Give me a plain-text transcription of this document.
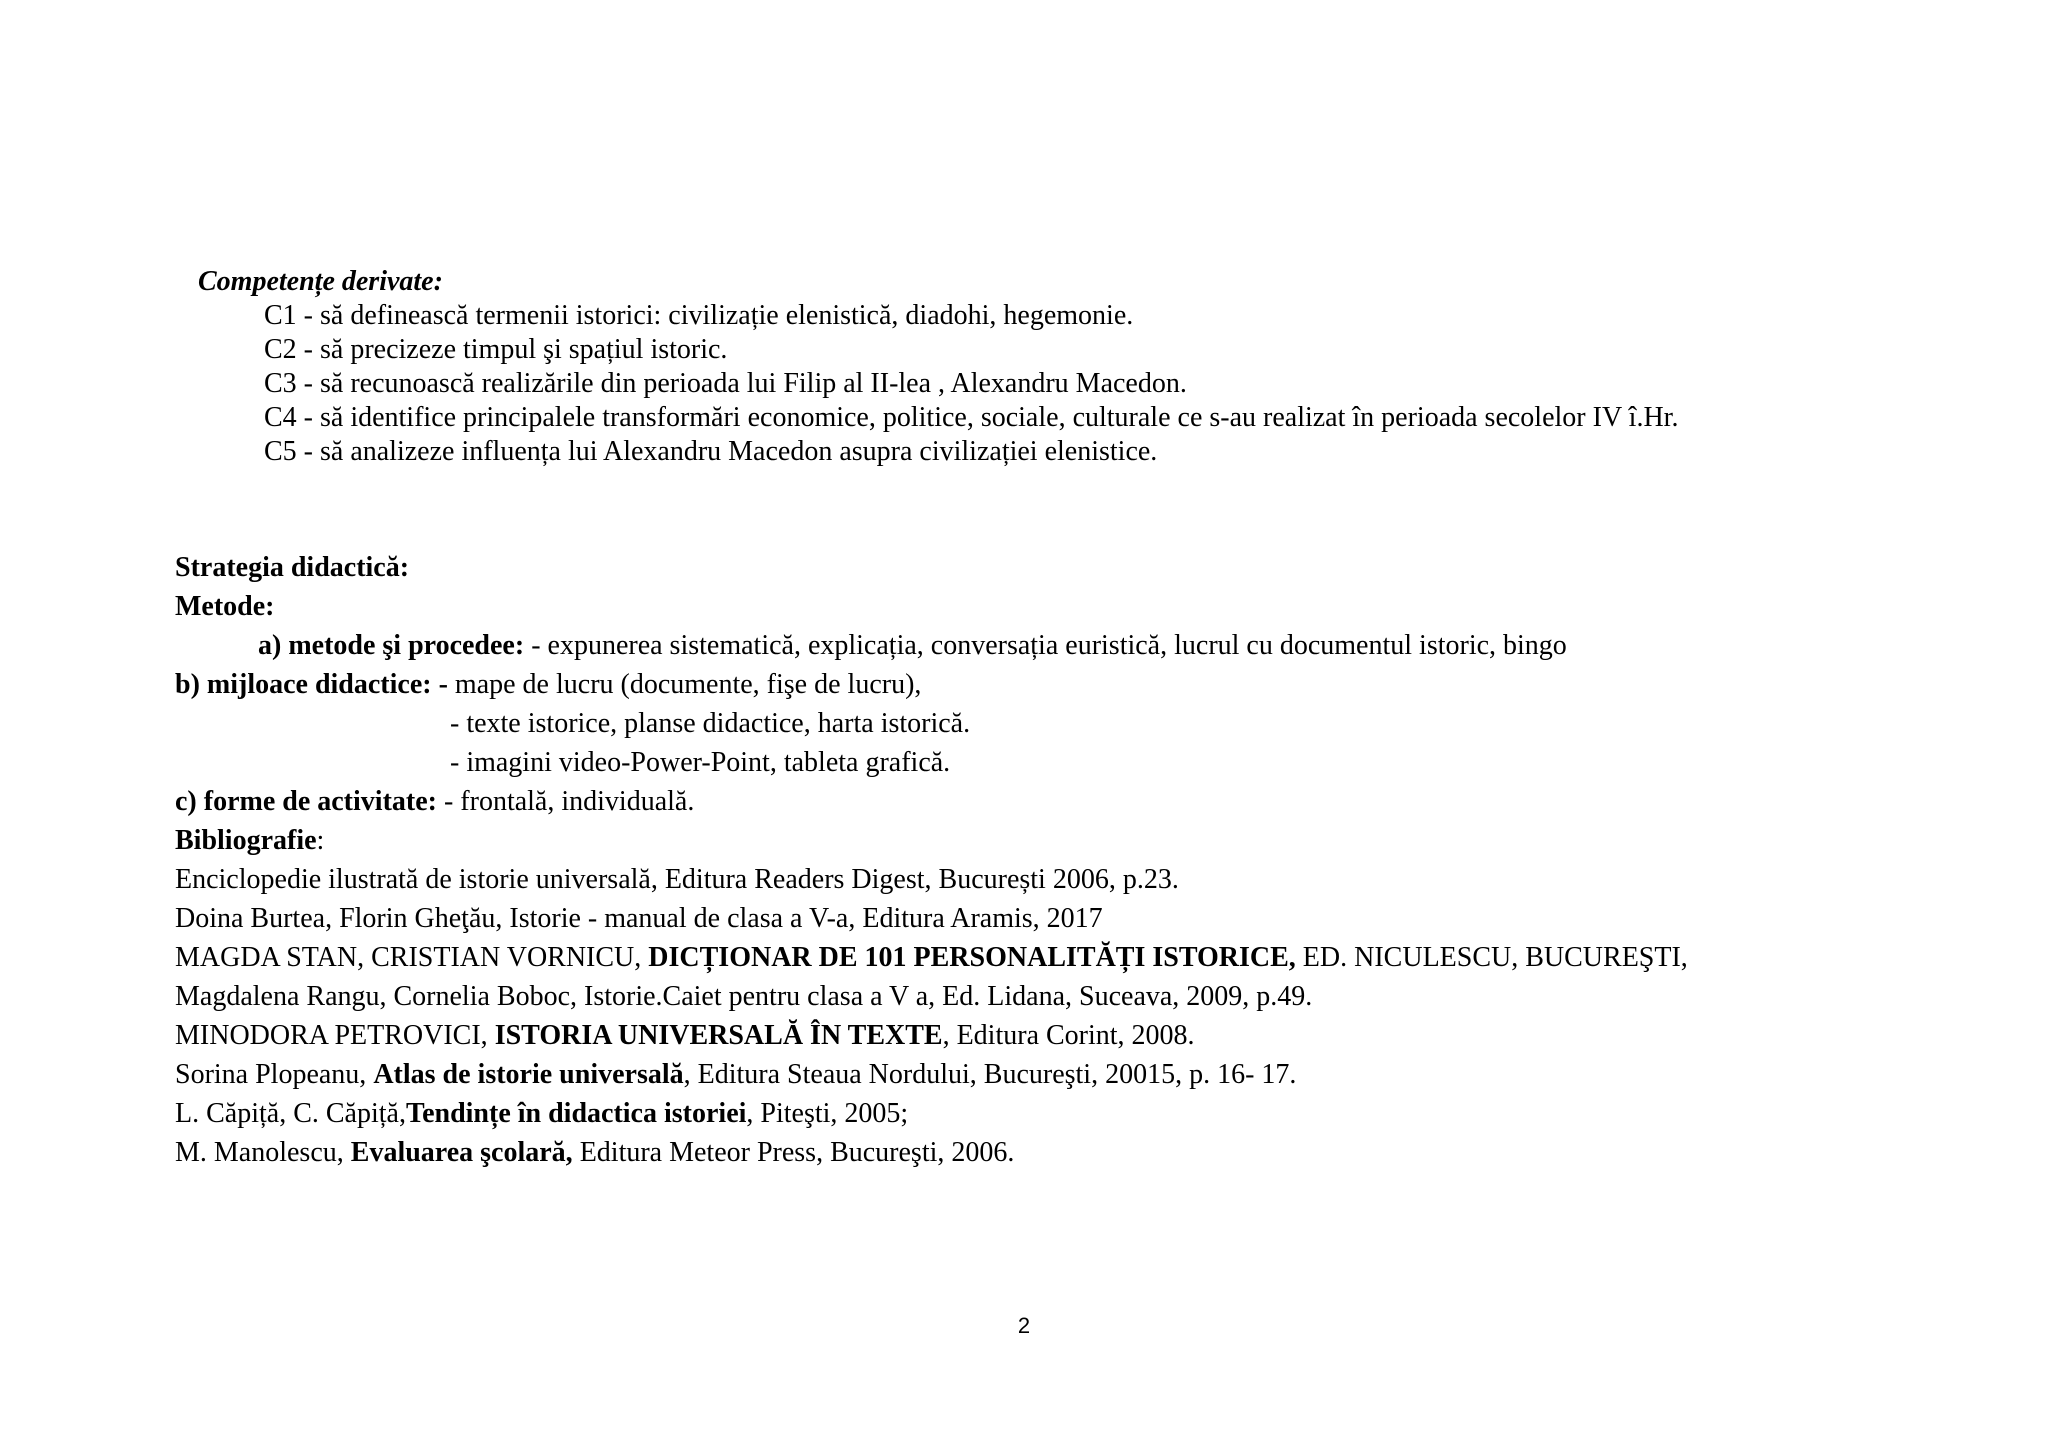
Competențe derivate:
C1 - să definească termenii istorici: civilizație elenistică, diadohi, hegemonie.
C2 - să precizeze timpul şi spațiul istoric.
C3 - să recunoască realizările din perioada lui Filip al II-lea , Alexandru Macedon.
C4 - să identifice principalele transformări economice, politice, sociale, culturale ce s-au realizat în perioada secolelor IV î.Hr.
C5 - să analizeze influența lui Alexandru Macedon asupra civilizației elenistice.
Strategia didactică:
Metode:
a) metode şi procedee: - expunerea sistematică, explicația, conversația euristică, lucrul cu documentul istoric, bingo
b) mijloace didactice: - mape de lucru (documente, fişe de lucru),
- texte istorice, planse didactice, harta istorică.
- imagini video-Power-Point, tableta grafică.
c) forme de activitate: - frontală, individuală.
Bibliografie:
Enciclopedie ilustrată de istorie universală, Editura Readers Digest, București 2006, p.23.
Doina Burtea, Florin Gheţău, Istorie - manual de clasa a V-a, Editura Aramis, 2017
MAGDA STAN, CRISTIAN VORNICU, DICȚIONAR DE 101 PERSONALITĂȚI ISTORICE, ED. NICULESCU, BUCUREŞTI,
Magdalena Rangu, Cornelia Boboc, Istorie.Caiet pentru clasa a V a, Ed. Lidana, Suceava, 2009, p.49.
MINODORA PETROVICI, ISTORIA UNIVERSALĂ ÎN TEXTE, Editura Corint, 2008.
Sorina Plopeanu, Atlas de istorie universală, Editura Steaua Nordului, Bucureşti, 20015, p. 16- 17.
L. Căpiță, C. Căpiță,Tendințe în didactica istoriei, Piteşti, 2005;
M. Manolescu, Evaluarea şcolară, Editura Meteor Press, Bucureşti, 2006.
2
